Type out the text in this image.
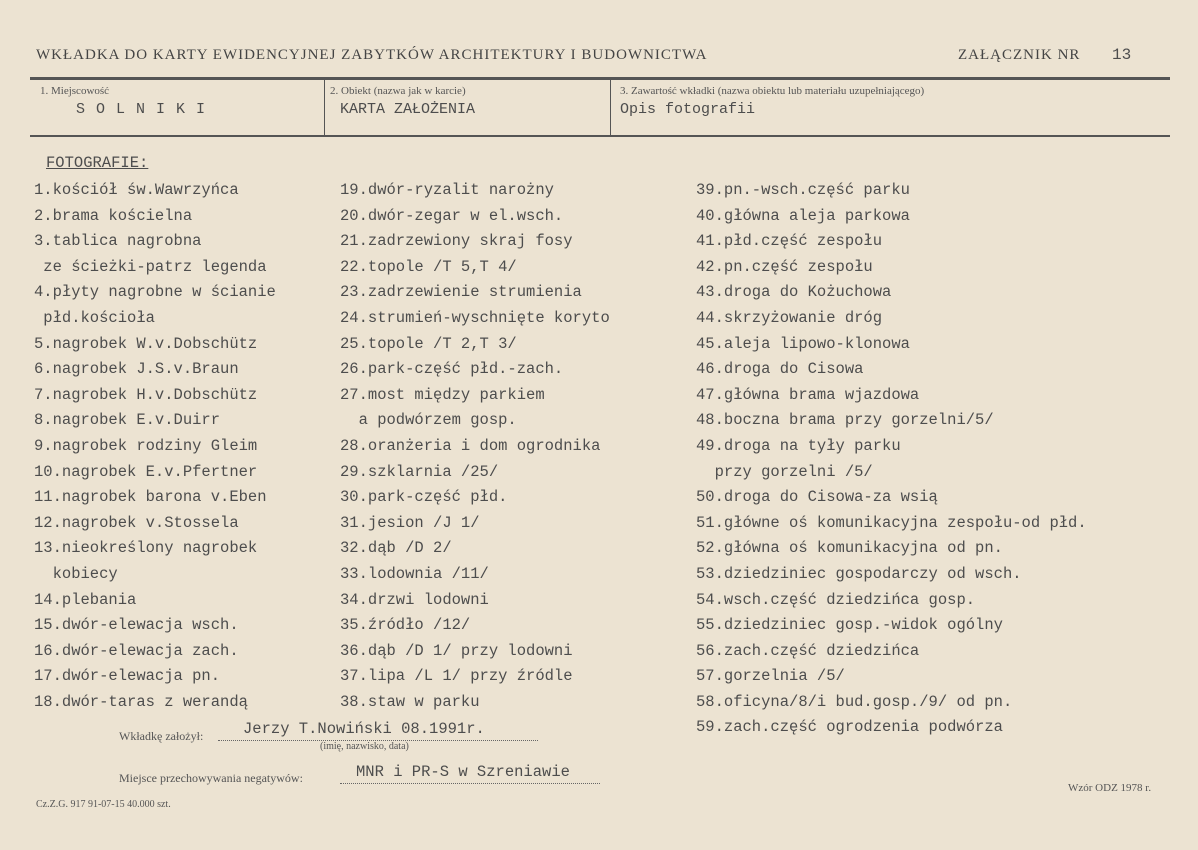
WKŁADKA DO KARTY EWIDENCYJNEJ ZABYTKÓW ARCHITEKTURY I BUDOWNICTWA	ZAŁĄCZNIK NR 13
1. Miejscowość
S O L N I K I
2. Obiekt (nazwa jak w karcie)
KARTA ZAŁOŻENIA
3. Zawartość wkładki (nazwa obiektu lub materiału uzupełniającego)
Opis fotografii
FOTOGRAFIE:
1.kościół św.Wawrzyńca
2.brama kościelna
3.tablica nagrobna
ze ścieżki-patrz legenda
4.płyty nagrobne w ścianie
płd.kościoła
5.nagrobek W.v.Dobschütz
6.nagrobek J.S.v.Braun
7.nagrobek H.v.Dobschütz
8.nagrobek E.v.Duirr
9.nagrobek rodziny Gleim
10.nagrobek E.v.Pfertner
11.nagrobek barona v.Eben
12.nagrobek v.Stossela
13.nieokreślony nagrobek
kobiecy
14.plebania
15.dwór-elewacja wsch.
16.dwór-elewacja zach.
17.dwór-elewacja pn.
18.dwór-taras z werandą
19.dwór-ryzalit narożny
20.dwór-zegar w el.wsch.
21.zadrzewiony skraj fosy
22.topole /T 5,T 4/
23.zadrzewienie strumienia
24.strumień-wyschnięte koryto
25.topole /T 2,T 3/
26.park-część płd.-zach.
27.most między parkiem
a podwórzem gosp.
28.oranżeria i dom ogrodnika
29.szklarnia /25/
30.park-część płd.
31.jesion /J 1/
32.dąb /D 2/
33.lodownia /11/
34.drzwi lodowni
35.źródło /12/
36.dąb /D 1/ przy lodowni
37.lipa /L 1/ przy źródle
38.staw w parku
39.pn.-wsch.część parku
40.główna aleja parkowa
41.płd.część zespołu
42.pn.część zespołu
43.droga do Kożuchowa
44.skrzyżowanie dróg
45.aleja lipowo-klonowa
46.droga do Cisowa
47.główna brama wjazdowa
48.boczna brama przy gorzelni/5/
49.droga na tyły parku
przy gorzelni /5/
50.droga do Cisowa-za wsią
51.główne oś komunikacyjna zespołu-od płd.
52.główna oś komunikacyjna od pn.
53.dziedziniec gospodarczy od wsch.
54.wsch.część dziedzińca gosp.
55.dziedziniec gosp.-widok ogólny
56.zach.część dziedzińca
57.gorzelnia /5/
58.oficyna/8/i bud.gosp./9/ od pn.
59.zach.część ogrodzenia podwórza
Wkładkę założył:	Jerzy T.Nowiński 08.1991r.
(imię, nazwisko, data)
Miejsce przechowywania negatywów:	MNR i PR-S w Szreniawie
Cz.Z.G. 917 91-07-15 40.000 szt.
Wzór ODZ 1978 r.
